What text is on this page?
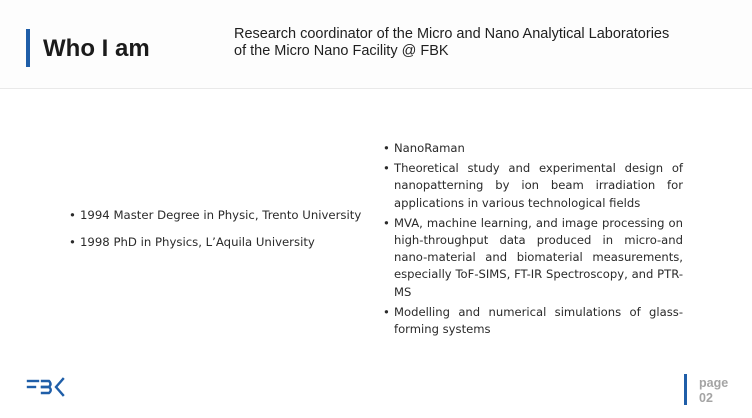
Who I am
Research coordinator of the Micro and Nano Analytical Laboratories
of the Micro Nano Facility @ FBK
• 1994 Master Degree in Physic, Trento University
• 1998 PhD in Physics, L’Aquila University
• NanoRaman
• Theoretical study and experimental design of nanopatterning by ion beam irradiation for applications in various technological fields
• MVA, machine learning, and image processing on high-throughput data produced in micro-and nano-material and biomaterial measurements, especially ToF-SIMS, FT-IR Spectroscopy, and PTR-MS
• Modelling and numerical simulations of glass-forming systems
page
02
